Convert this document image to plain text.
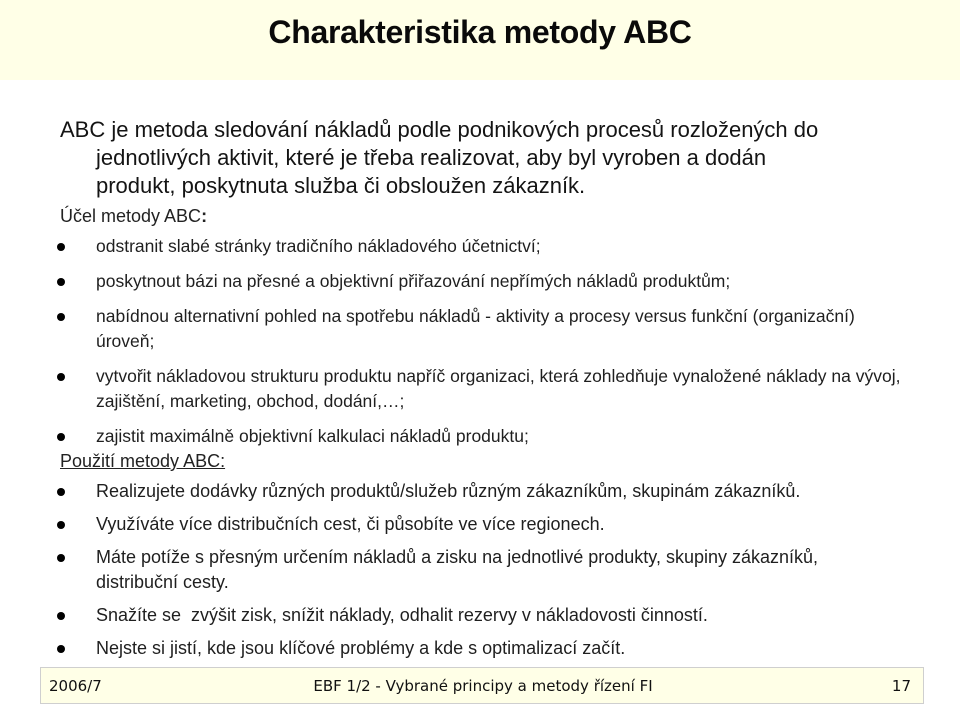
Charakteristika metody ABC
ABC je metoda sledování nákladů podle podnikových procesů rozložených do
jednotlivých aktivit, které je třeba realizovat, aby byl vyroben a dodán
produkt, poskytnuta služba či obsloužen zákazník.
Účel metody ABC:
odstranit slabé stránky tradičního nákladového účetnictví;
poskytnout bázi na přesné a objektivní přiřazování nepřímých nákladů produktům;
nabídnou alternativní pohled na spotřebu nákladů - aktivity a procesy versus funkční (organizační) úroveň;
vytvořit nákladovou strukturu produktu napříč organizaci, která zohledňuje vynaložené náklady na vývoj, zajištění, marketing, obchod, dodání,…;
zajistit maximálně objektivní kalkulaci nákladů produktu;
Použití metody ABC:
Realizujete dodávky různých produktů/služeb různým zákazníkům, skupinám zákazníků.
Využíváte více distribučních cest, či působíte ve více regionech.
Máte potíže s přesným určením nákladů a zisku na jednotlivé produkty, skupiny zákazníků, distribuční cesty.
Snažíte se  zvýšit zisk, snížit náklady, odhalit rezervy v nákladovosti činností.
Nejste si jistí, kde jsou klíčové problémy a kde s optimalizací začít.
EBF 1/2 - Vybrané principy a metody řízení FI
2006/7	17
